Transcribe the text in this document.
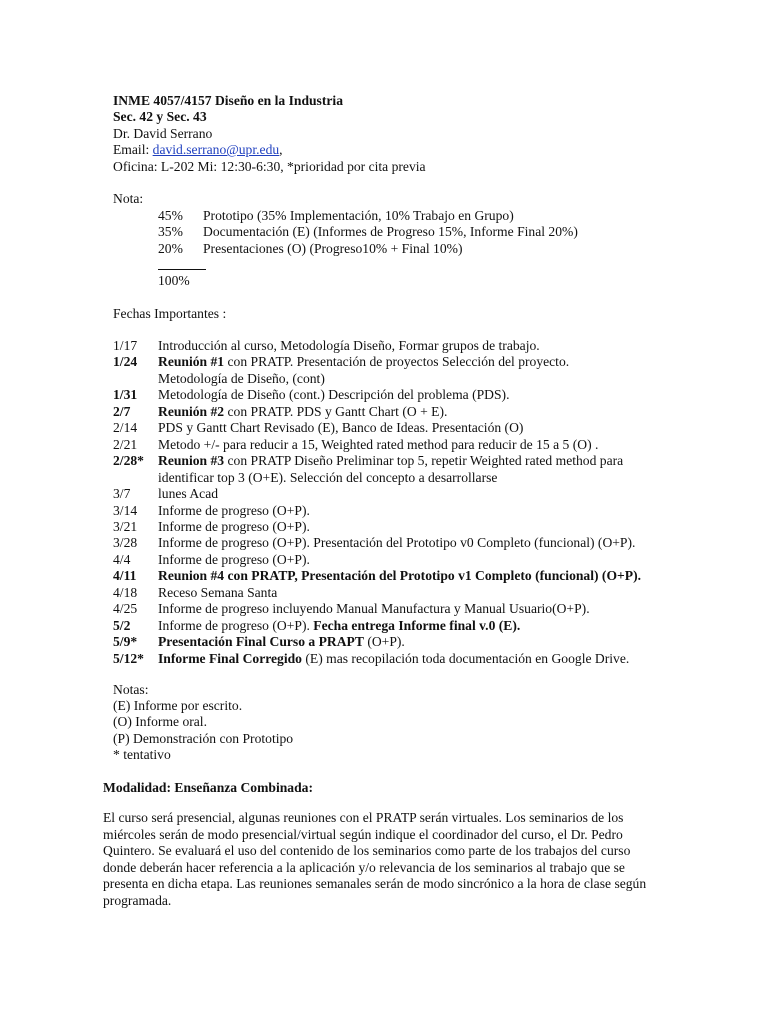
INME 4057/4157 Diseño en la Industria
Sec. 42 y Sec. 43
Dr. David Serrano
Email: david.serrano@upr.edu,
Oficina: L-202 Mi: 12:30-6:30, *prioridad por cita previa
Nota:
45% Prototipo (35% Implementación, 10% Trabajo en Grupo)
35% Documentación (E) (Informes de Progreso 15%, Informe Final 20%)
20% Presentaciones (O) (Progreso10% + Final 10%)
100%
Fechas Importantes :
1/17 Introducción al curso, Metodología Diseño, Formar grupos de trabajo.
1/24 Reunión #1 con PRATP. Presentación de proyectos Selección del proyecto.
Metodología de Diseño, (cont)
1/31 Metodología de Diseño (cont.) Descripción del problema (PDS).
2/7 Reunión #2 con PRATP. PDS y Gantt Chart (O + E).
2/14 PDS y Gantt Chart Revisado (E), Banco de Ideas. Presentación (O)
2/21 Metodo +/- para reducir a 15, Weighted rated method para reducir de 15 a 5 (O) .
2/28* Reunion #3 con PRATP Diseño Preliminar top 5, repetir Weighted rated method para
identificar top 3 (O+E). Selección del concepto a desarrollarse
3/7 lunes Acad
3/14 Informe de progreso (O+P).
3/21 Informe de progreso (O+P).
3/28 Informe de progreso (O+P). Presentación del Prototipo v0 Completo (funcional) (O+P).
4/4 Informe de progreso (O+P).
4/11 Reunion #4 con PRATP, Presentación del Prototipo v1 Completo (funcional) (O+P).
4/18 Receso Semana Santa
4/25 Informe de progreso incluyendo Manual Manufactura y Manual Usuario(O+P).
5/2 Informe de progreso (O+P). Fecha entrega Informe final v.0 (E).
5/9* Presentación Final Curso a PRAPT (O+P).
5/12* Informe Final Corregido (E) mas recopilación toda documentación en Google Drive.
Notas:
(E) Informe por escrito.
(O) Informe oral.
(P) Demonstración con Prototipo
* tentativo
Modalidad: Enseñanza Combinada:
El curso será presencial, algunas reuniones con el PRATP serán virtuales. Los seminarios de los miércoles serán de modo presencial/virtual según indique el coordinador del curso, el Dr. Pedro Quintero. Se evaluará el uso del contenido de los seminarios como parte de los trabajos del curso donde deberán hacer referencia a la aplicación y/o relevancia de los seminarios al trabajo que se presenta en dicha etapa. Las reuniones semanales serán de modo sincrónico a la hora de clase según programada.
